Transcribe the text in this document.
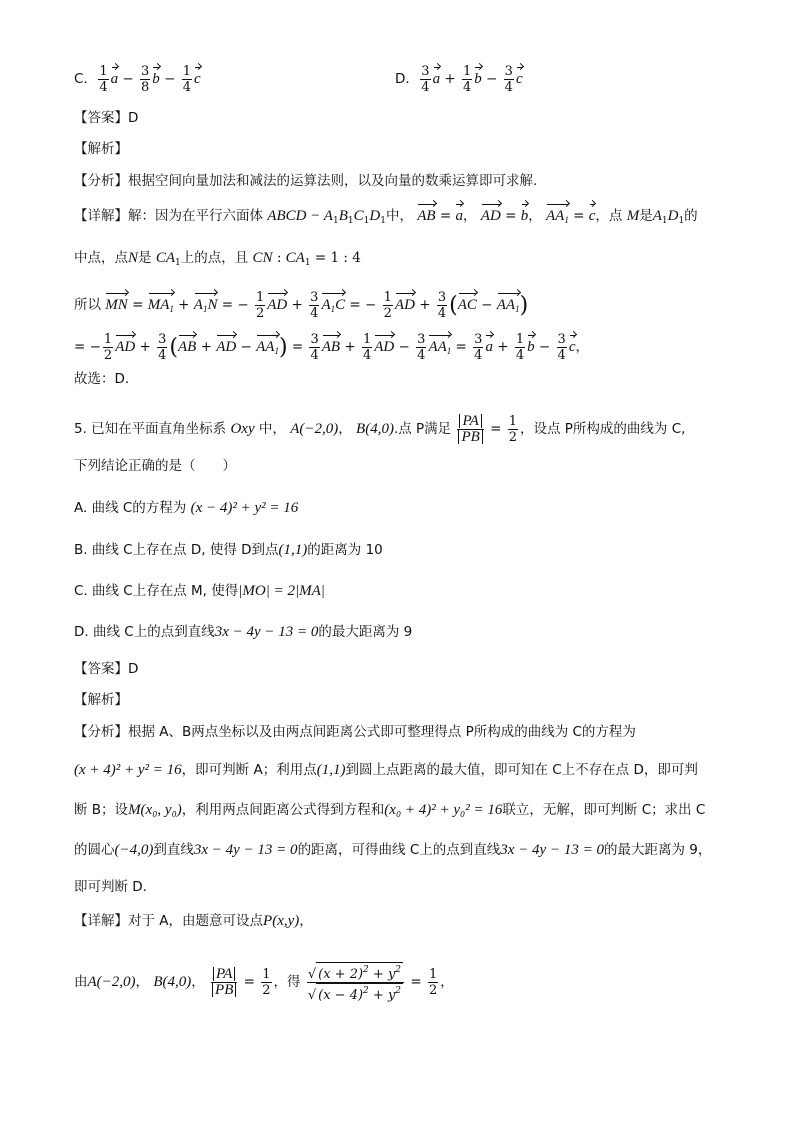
C. $\frac{1}{4}$ $a - \frac{3}{8}$ $b - \frac{1}{4}$ c	D. $\frac{3}{4}$ $a + \frac{1}{4}$ $b - \frac{3}{4}$ c
【答案】D
【解析】
【分析】根据空间向量加法和减法的运算法则，以及向量的数乘运算即可求解.
【详解】解：因为在平行六面体 ABCD − $A_1B_1C_1D_1$中， AB = a， AD = b， $AA_1 = c$，点 M是$A_1D_1$的
中点，点N是 $CA_1$上的点，且 CN : $CA_1 = 1$ : 4
所以 MN = $MA_1 + A_1N$ = − $\frac{1}{2}$ AD + $\frac{3}{4} A_1C$ = − $\frac{1}{2}$ AD + $\frac{3}{4} (AC - AA_1)$
= − $\frac{1}{2}$ AD + $\frac{3}{4} (AB$ + AD − $AA_1) = \frac{3}{4}$ AB + $\frac{1}{4}$ AD − $\frac{3}{4} AA_1 = \frac{3}{4}$ $a + \frac{1}{4}$ $b - \frac{3}{4}$ c，
故选：D.
5. 已知在平面直角坐标系 Oxy 中， A(−2,0)， B(4,0).点 P满足 $\frac{PA}{PB} = \frac{1}{2}$ ，设点 P所构成的曲线为 C,
下列结论正确的是（　　）
A. 曲线 C的方程为 (x − 4)² + y² = 16
B. 曲线 C上存在点 D, 使得 D到点(1,1)的距离为 10
C. 曲线 C上存在点 M, 使得|MO| = 2|MA|
D. 曲线 C上的点到直线3x − 4y − 13 = 0的最大距离为 9
【答案】D
【解析】
【分析】根据 A、B两点坐标以及由两点间距离公式即可整理得点 P所构成的曲线为 C的方程为
(x + 4)² + y² = 16，即可判断 A；利用点(1,1)到圆上点距离的最大值，即可知在 C上不存在点 D，即可判
断 B；设M(x₀, y₀)，利用两点间距离公式得到方程和(x₀ + 4)² + y₀² = 16联立，无解，即可判断 C；求出 C
的圆心(−4,0)到直线3x − 4y − 13 = 0的距离，可得曲线 C上的点到直线3x − 4y − 13 = 0的最大距离为 9，
即可判断 D.
【详解】对于 A，由题意可设点P(x,y)，
由A(−2,0)， B(4,0)， $\frac{PA}{PB} = \frac{1}{2}$ ，得 $\frac{√ (x + 2)^2 + y^2}{√ (x - 4)^2 + y^2} = \frac{1}{2}$ ，
